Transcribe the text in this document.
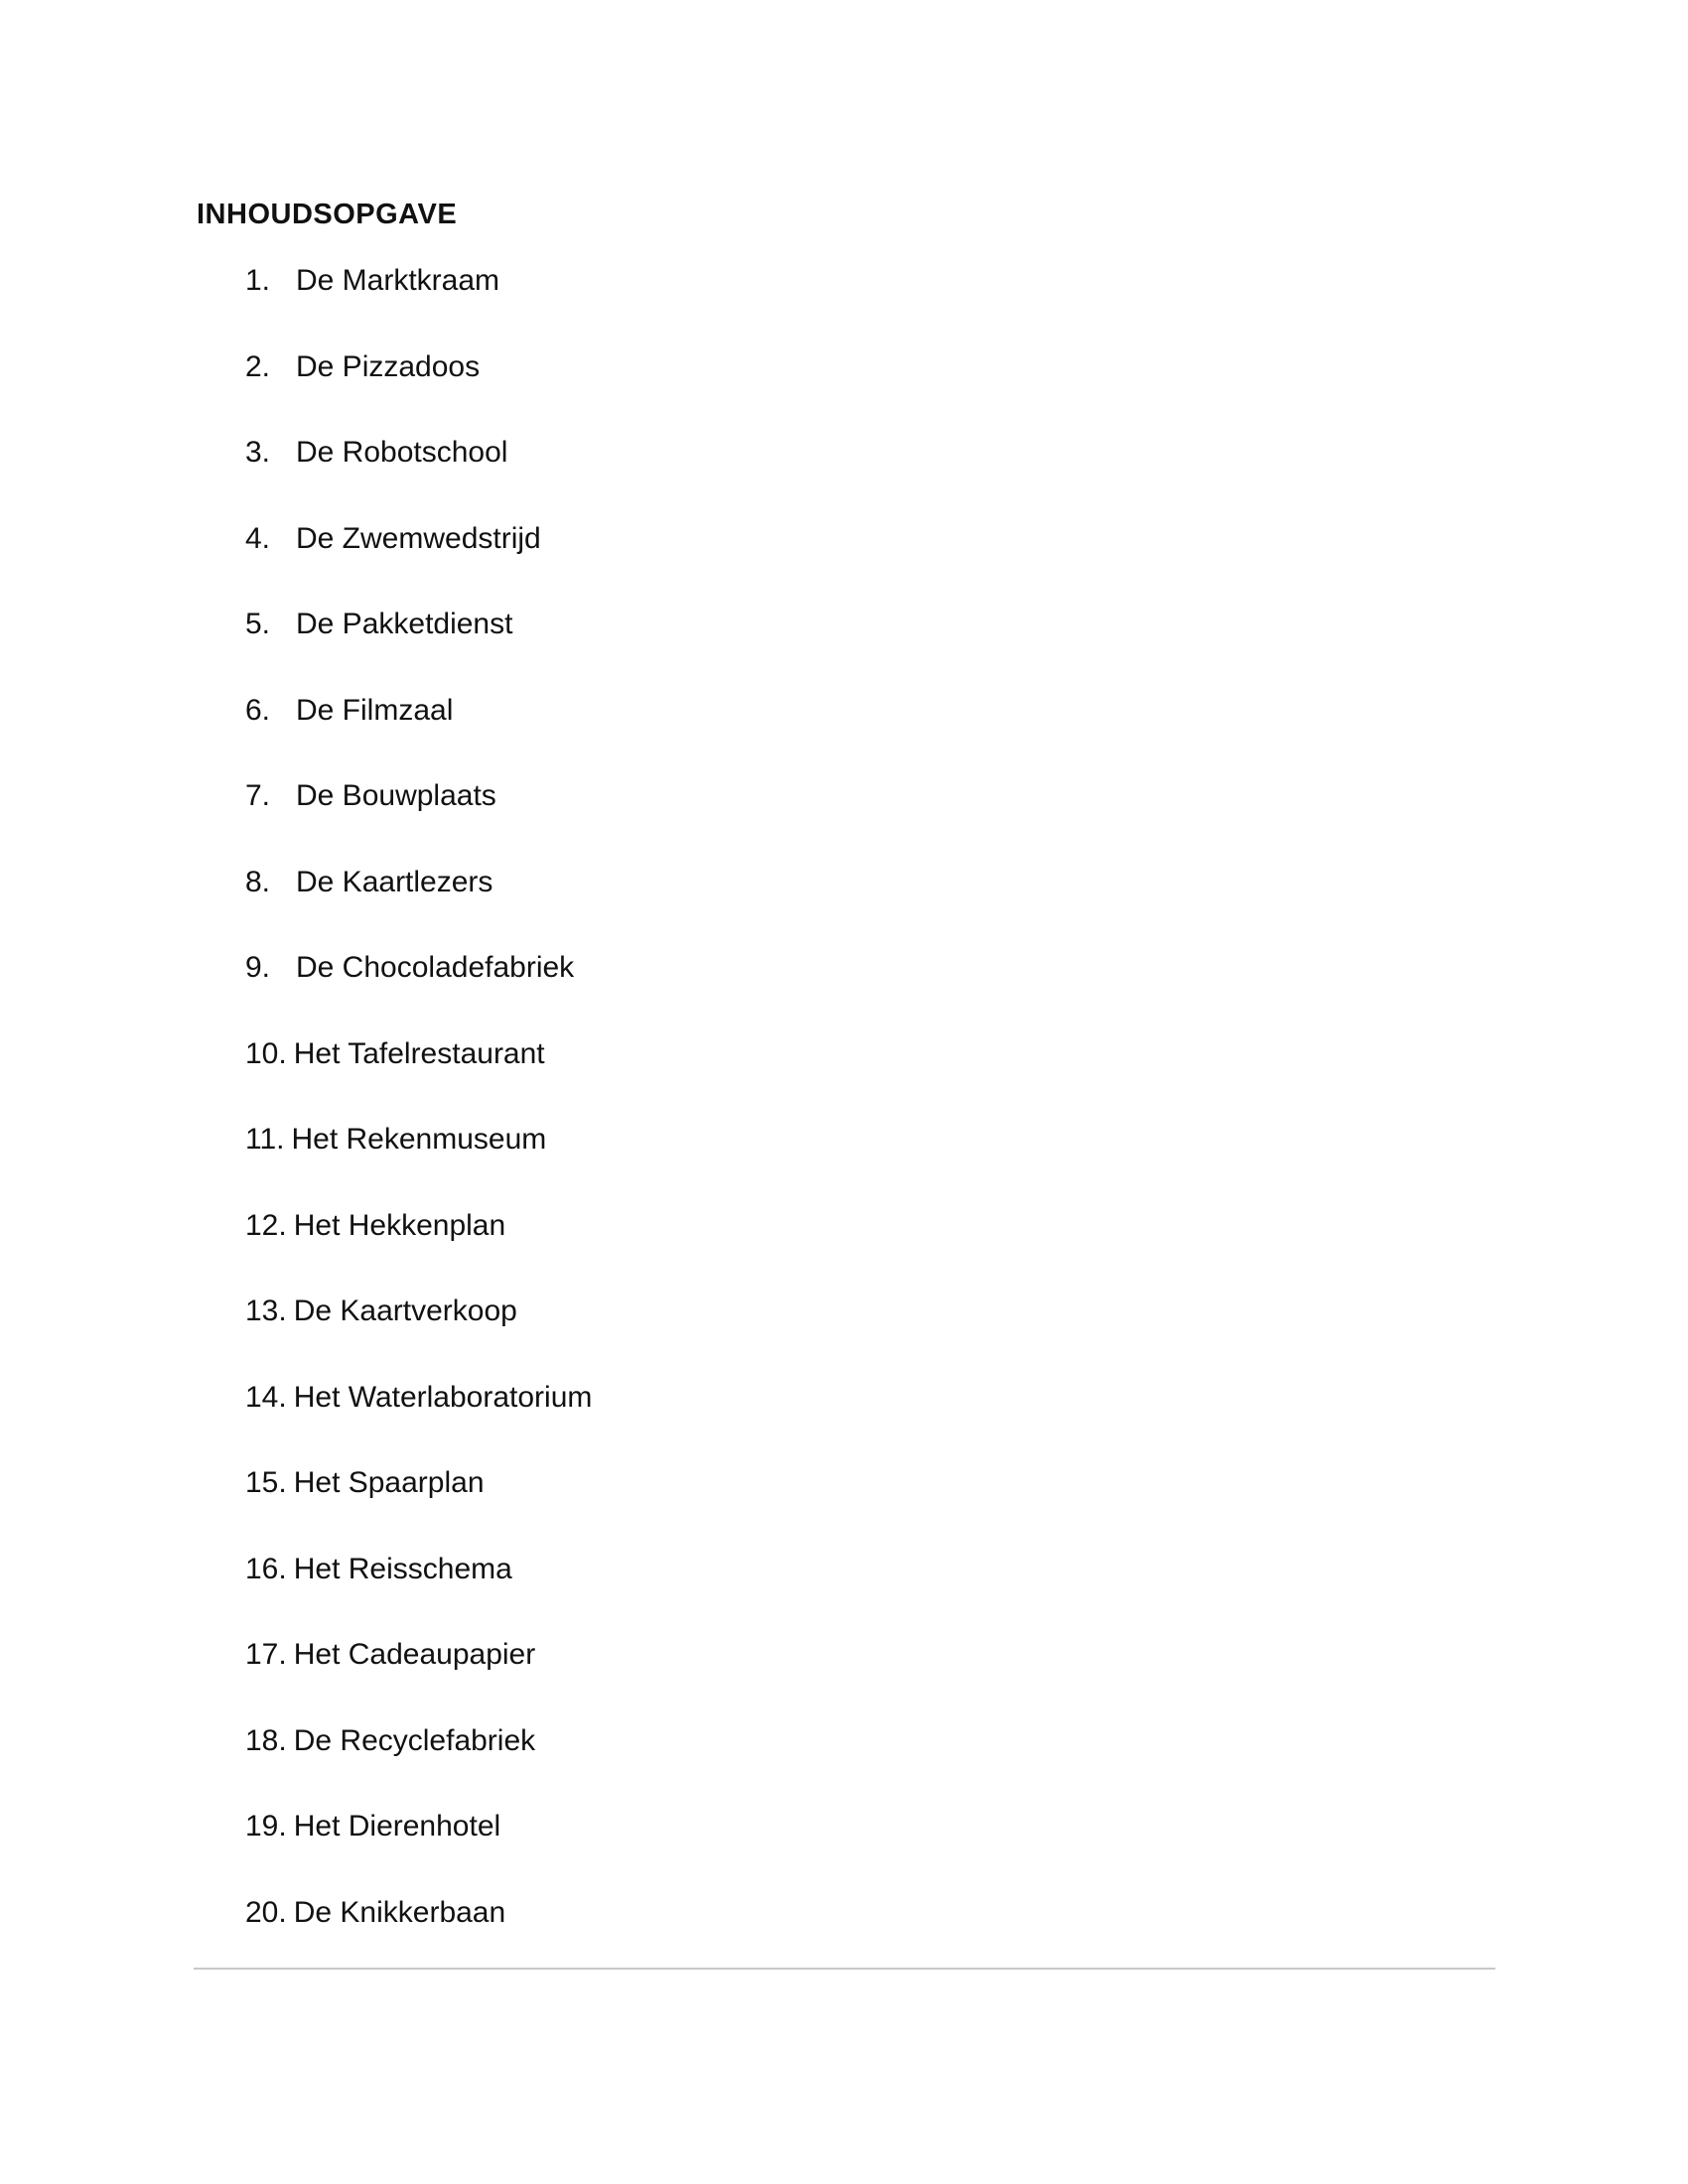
INHOUDSOPGAVE
1. De Marktkraam
2. De Pizzadoos
3. De Robotschool
4. De Zwemwedstrijd
5. De Pakketdienst
6. De Filmzaal
7. De Bouwplaats
8. De Kaartlezers
9. De Chocoladefabriek
10. Het Tafelrestaurant
11. Het Rekenmuseum
12. Het Hekkenplan
13. De Kaartverkoop
14. Het Waterlaboratorium
15. Het Spaarplan
16. Het Reisschema
17. Het Cadeaupapier
18. De Recyclefabriek
19. Het Dierenhotel
20. De Knikkerbaan
